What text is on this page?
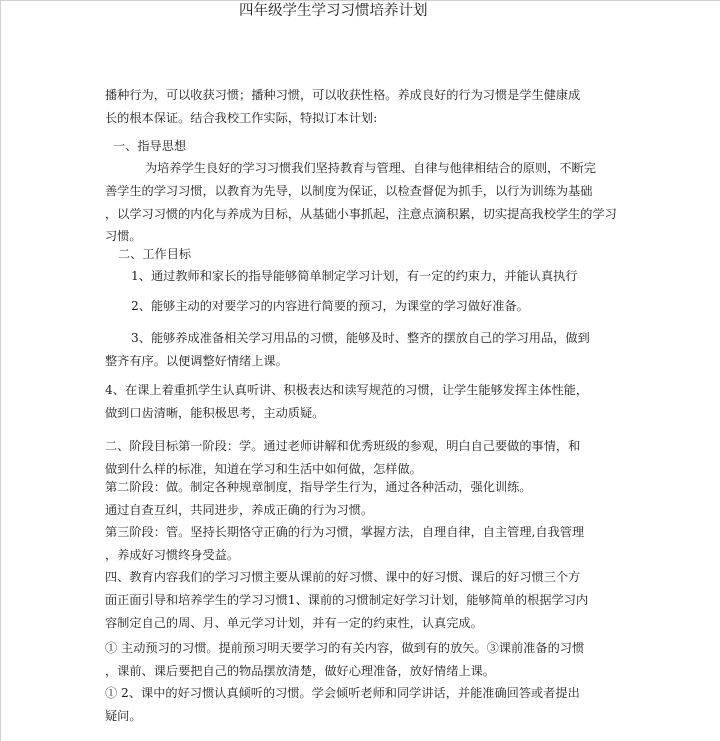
四年级学生学习习惯培养计划
播种行为，可以收获习惯；播种习惯，可以收获性格。养成良好的行为习惯是学生健康成
长的根本保证。结合我校工作实际，特拟订本计划:
一、指导思想
为培养学生良好的学习习惯我们坚持教育与管理、自律与他律相结合的原则，不断完
善学生的学习习惯，以教育为先导，以制度为保证，以检查督促为抓手，以行为训练为基础
，以学习习惯的内化与养成为目标，从基础小事抓起，注意点滴积累，切实提高我校学生的学习
习惯。
二、工作目标
1、通过教师和家长的指导能够简单制定学习计划，有一定的约束力，并能认真执行
2、能够主动的对要学习的内容进行简要的预习，为课堂的学习做好准备。
3、能够养成准备相关学习用品的习惯，能够及时、整齐的摆放自己的学习用品，做到
整齐有序。以便调整好情绪上课。
4、在课上着重抓学生认真听讲、积极表达和读写规范的习惯，让学生能够发挥主体性能，
做到口齿清晰，能积极思考，主动质疑。
二、阶段目标第一阶段：学。通过老师讲解和优秀班级的参观，明白自己要做的事情，和
做到什么样的标准，知道在学习和生活中如何做，怎样做。
第二阶段：做。制定各种规章制度，指导学生行为，通过各种活动，强化训练。
通过自查互纠，共同进步，养成正确的行为习惯。
第三阶段：管。坚持长期恪守正确的行为习惯，掌握方法，自理自律，自主管理,自我管理
，养成好习惯终身受益。
四、教育内容我们的学习习惯主要从课前的好习惯、课中的好习惯、课后的好习惯三个方
面正面引导和培养学生的学习习惯1、课前的习惯制定好学习计划，能够简单的根据学习内
容制定自己的周、月、单元学习计划，并有一定的约束性，认真完成。
① 主动预习的习惯。提前预习明天要学习的有关内容，做到有的放矢。③课前准备的习惯
，课前、课后要把自己的物品摆放清楚，做好心理准备，放好情绪上课。
① 2、课中的好习惯认真倾听的习惯。学会倾听老师和同学讲话，并能准确回答或者提出
疑问。
